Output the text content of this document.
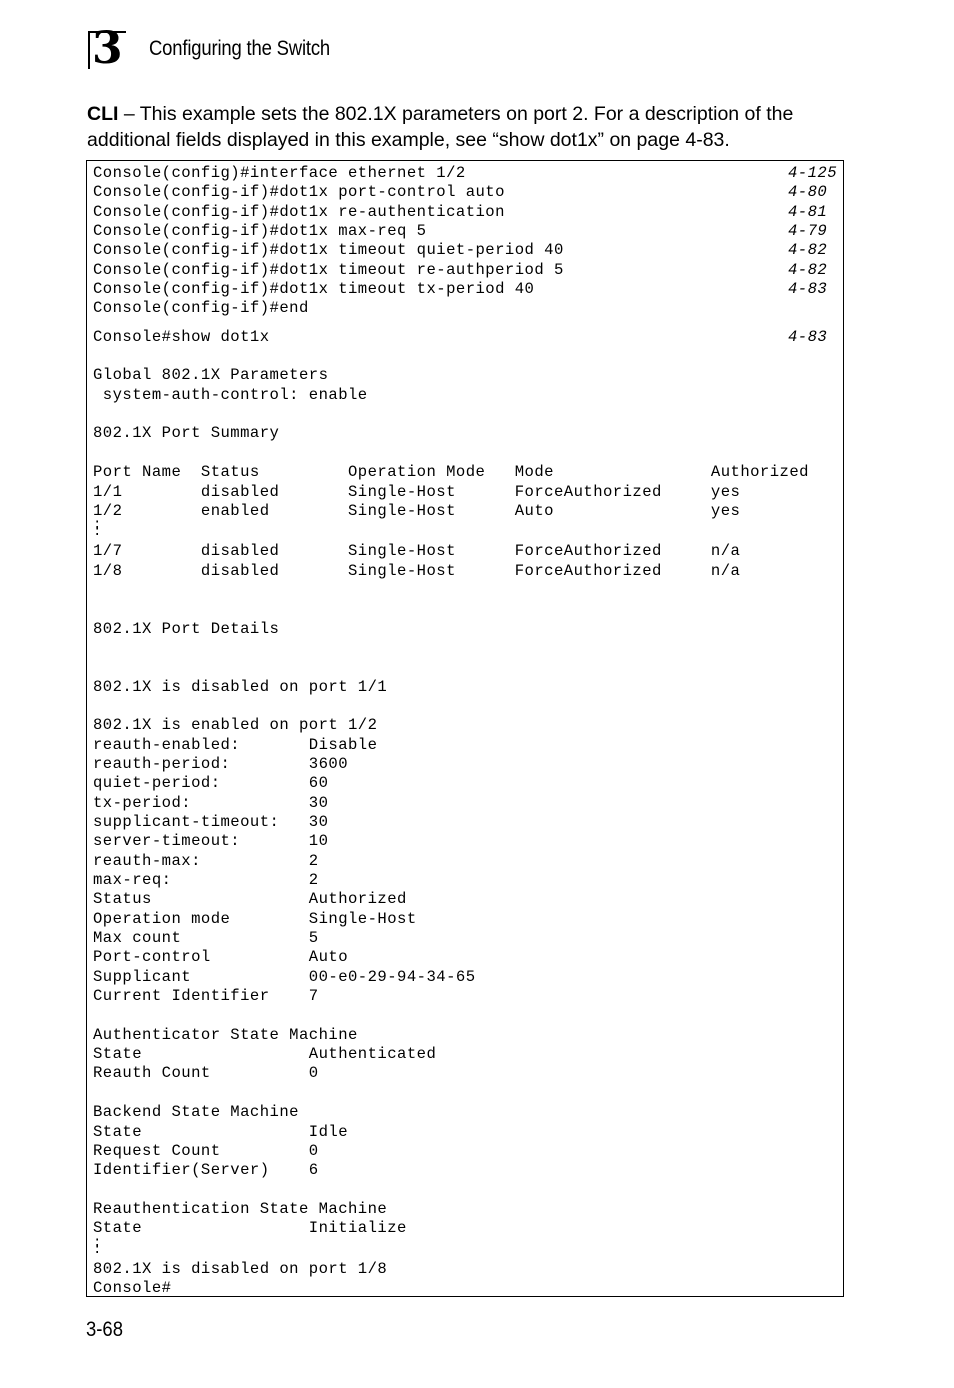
3 Configuring the Switch
CLI – This example sets the 802.1X parameters on port 2. For a description of the additional fields displayed in this example, see “show dot1x” on page 4-83.
Console(config)#interface ethernet 1/2	4-125
Console(config-if)#dot1x port-control auto	4-80
Console(config-if)#dot1x re-authentication	4-81
Console(config-if)#dot1x max-req 5	4-79
Console(config-if)#dot1x timeout quiet-period 40	4-82
Console(config-if)#dot1x timeout re-authperiod 5	4-82
Console(config-if)#dot1x timeout tx-period 40	4-83
Console(config-if)#end
Console#show dot1x	4-83
Global 802.1X Parameters
system-auth-control: enable
802.1X Port Summary
Port Name  Status         Operation Mode   Mode                Authorized
1/1        disabled       Single-Host      ForceAuthorized     yes
1/2        enabled        Single-Host      Auto                yes
:
:
1/7        disabled       Single-Host      ForceAuthorized     n/a
1/8        disabled       Single-Host      ForceAuthorized     n/a
802.1X Port Details
802.1X is disabled on port 1/1
802.1X is enabled on port 1/2
reauth-enabled:       Disable
reauth-period:        3600
quiet-period:         60
tx-period:            30
supplicant-timeout:   30
server-timeout:       10
reauth-max:           2
max-req:              2
Status                Authorized
Operation mode        Single-Host
Max count             5
Port-control          Auto
Supplicant            00-e0-29-94-34-65
Current Identifier    7
Authenticator State Machine
State                 Authenticated
Reauth Count          0
Backend State Machine
State                 Idle
Request Count         0
Identifier(Server)    6
Reauthentication State Machine
State                 Initialize
:
:
802.1X is disabled on port 1/8
Console#
3-68
